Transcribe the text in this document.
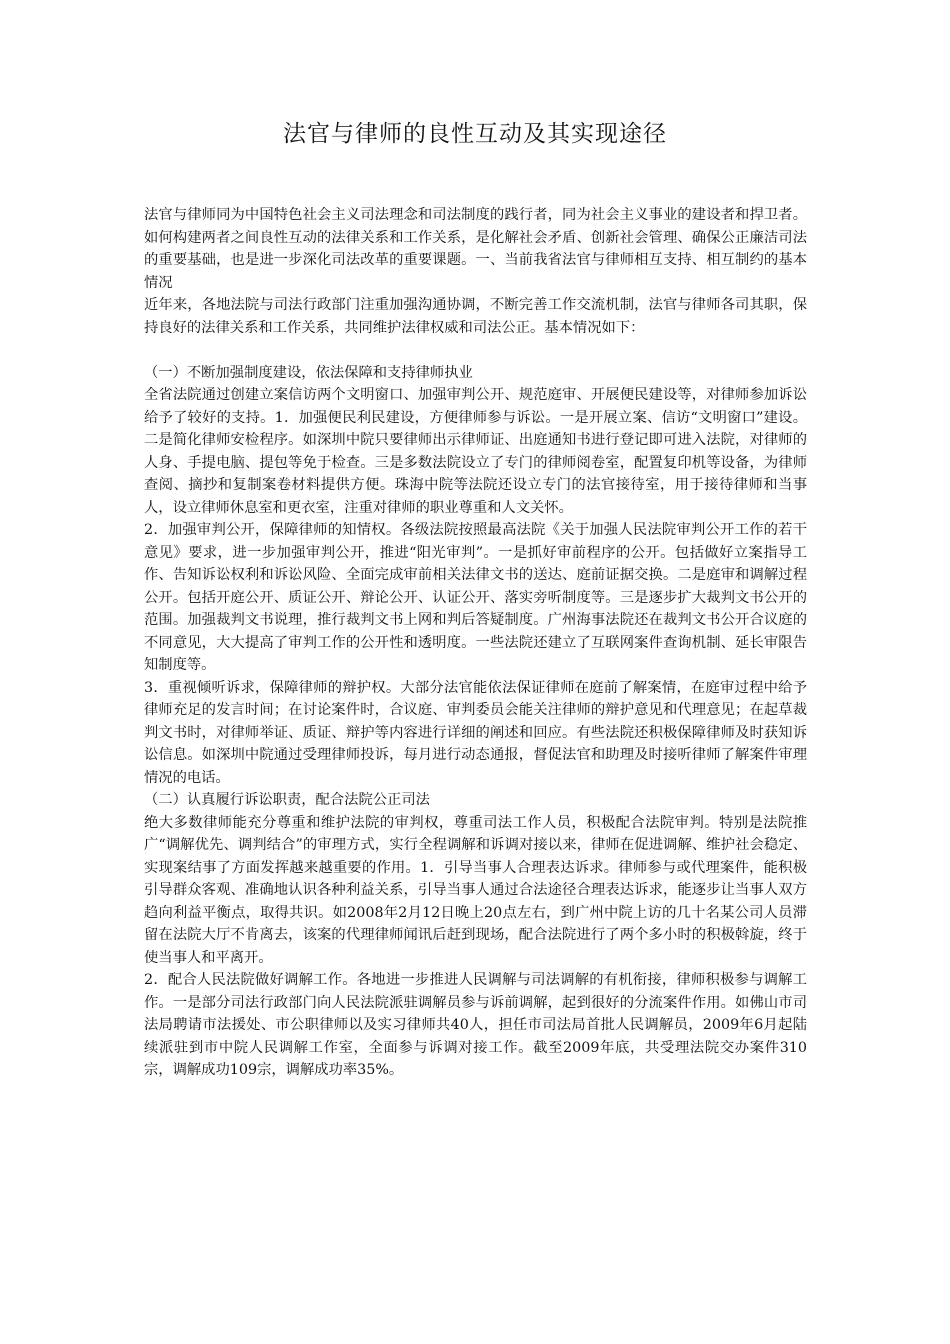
法官与律师的良性互动及其实现途径

法官与律师同为中国特色社会主义司法理念和司法制度的践行者，同为社会主义事业的建设者和捍卫者。如何构建两者之间良性互动的法律关系和工作关系，是化解社会矛盾、创新社会管理、确保公正廉洁司法的重要基础，也是进一步深化司法改革的重要课题。一、当前我省法官与律师相互支持、相互制约的基本情况

近年来，各地法院与司法行政部门注重加强沟通协调，不断完善工作交流机制，法官与律师各司其职，保持良好的法律关系和工作关系，共同维护法律权威和司法公正。基本情况如下：

（一）不断加强制度建设，依法保障和支持律师执业

全省法院通过创建立案信访两个文明窗口、加强审判公开、规范庭审、开展便民建设等，对律师参加诉讼给予了较好的支持。1．加强便民利民建设，方便律师参与诉讼。一是开展立案、信访“文明窗口”建设。二是简化律师安检程序。如深圳中院只要律师出示律师证、出庭通知书进行登记即可进入法院，对律师的人身、手提电脑、提包等免于检查。三是多数法院设立了专门的律师阅卷室，配置复印机等设备，为律师查阅、摘抄和复制案卷材料提供方便。珠海中院等法院还设立专门的法官接待室，用于接待律师和当事人，设立律师休息室和更衣室，注重对律师的职业尊重和人文关怀。

2．加强审判公开，保障律师的知情权。各级法院按照最高法院《关于加强人民法院审判公开工作的若干意见》要求，进一步加强审判公开，推进“阳光审判”。一是抓好审前程序的公开。包括做好立案指导工作、告知诉讼权利和诉讼风险、全面完成审前相关法律文书的送达、庭前证据交换。二是庭审和调解过程公开。包括开庭公开、质证公开、辩论公开、认证公开、落实旁听制度等。三是逐步扩大裁判文书公开的范围。加强裁判文书说理，推行裁判文书上网和判后答疑制度。广州海事法院还在裁判文书公开合议庭的不同意见，大大提高了审判工作的公开性和透明度。一些法院还建立了互联网案件查询机制、延长审限告知制度等。

3．重视倾听诉求，保障律师的辩护权。大部分法官能依法保证律师在庭前了解案情，在庭审过程中给予律师充足的发言时间；在讨论案件时，合议庭、审判委员会能关注律师的辩护意见和代理意见；在起草裁判文书时，对律师举证、质证、辩护等内容进行详细的阐述和回应。有些法院还积极保障律师及时获知诉讼信息。如深圳中院通过受理律师投诉，每月进行动态通报，督促法官和助理及时接听律师了解案件审理情况的电话。

（二）认真履行诉讼职责，配合法院公正司法

绝大多数律师能充分尊重和维护法院的审判权，尊重司法工作人员，积极配合法院审判。特别是法院推广“调解优先、调判结合”的审理方式，实行全程调解和诉调对接以来，律师在促进调解、维护社会稳定、实现案结事了方面发挥越来越重要的作用。1．引导当事人合理表达诉求。律师参与或代理案件，能积极引导群众客观、准确地认识各种利益关系，引导当事人通过合法途径合理表达诉求，能逐步让当事人双方趋向利益平衡点，取得共识。如2008年2月12日晚上20点左右，到广州中院上访的几十名某公司人员滞留在法院大厅不肯离去，该案的代理律师闻讯后赶到现场，配合法院进行了两个多小时的积极斡旋，终于使当事人和平离开。

2．配合人民法院做好调解工作。各地进一步推进人民调解与司法调解的有机衔接，律师积极参与调解工作。一是部分司法行政部门向人民法院派驻调解员参与诉前调解，起到很好的分流案件作用。如佛山市司法局聘请市法援处、市公职律师以及实习律师共40人，担任市司法局首批人民调解员，2009年6月起陆续派驻到市中院人民调解工作室，全面参与诉调对接工作。截至2009年底，共受理法院交办案件310宗，调解成功109宗，调解成功率35%。
